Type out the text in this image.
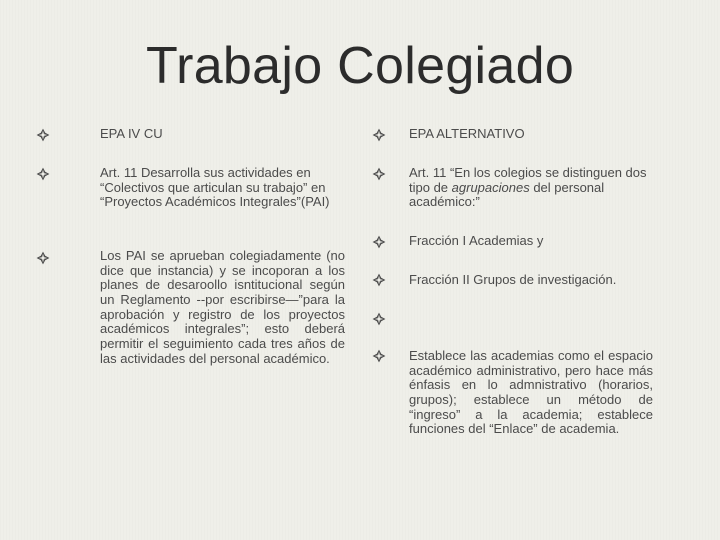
Trabajo Colegiado
EPA IV CU
Art. 11 Desarrolla sus actividades en “Colectivos que articulan su trabajo” en “Proyectos Académicos Integrales”(PAI)
Los PAI se aprueban colegiadamente (no dice que instancia) y se incoporan a los planes de desaroollo isntitucional según un Reglamento --por escribirse—”para la aprobación y registro de los proyectos académicos integrales”; esto deberá permitir el seguimiento cada tres años de las actividades del personal académico.
EPA ALTERNATIVO
Art. 11 “En los colegios se distinguen dos tipo de agrupaciones del personal académico:”
Fracción I Academias y
Fracción II Grupos de investigación.
Establece las academias como el espacio académico administrativo, pero hace más énfasis en lo admnistrativo (horarios, grupos); establece un método de “ingreso” a la academia; establece funciones del “Enlace” de academia.
